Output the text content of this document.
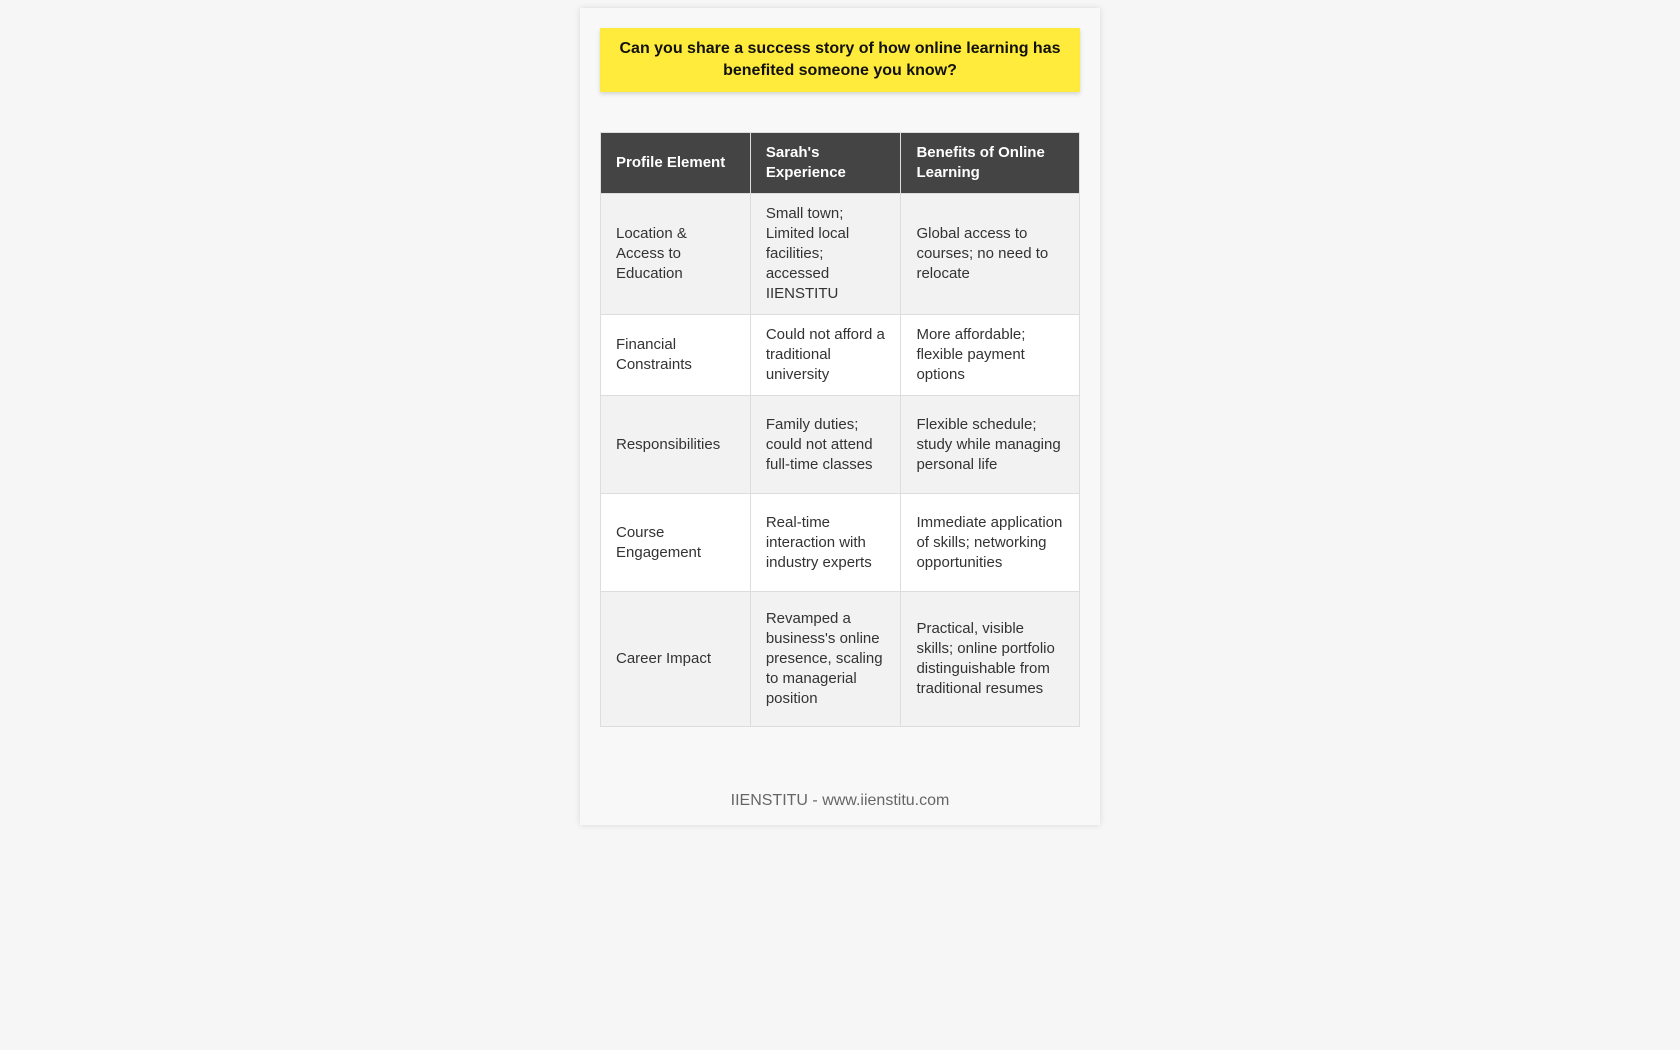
Can you share a success story of how online learning has benefited someone you know?
Profile Element	Sarah's Experience	Benefits of Online Learning
Location & Access to Education	Small town; Limited local facilities; accessed IIENSTITU	Global access to courses; no need to relocate
Financial Constraints	Could not afford a traditional university	More affordable; flexible payment options
Responsibilities	Family duties; could not attend full-time classes	Flexible schedule; study while managing personal life
Course Engagement	Real-time interaction with industry experts	Immediate application of skills; networking opportunities
Career Impact	Revamped a business's online presence, scaling to managerial position	Practical, visible skills; online portfolio distinguishable from traditional resumes
IIENSTITU - www.iienstitu.com
